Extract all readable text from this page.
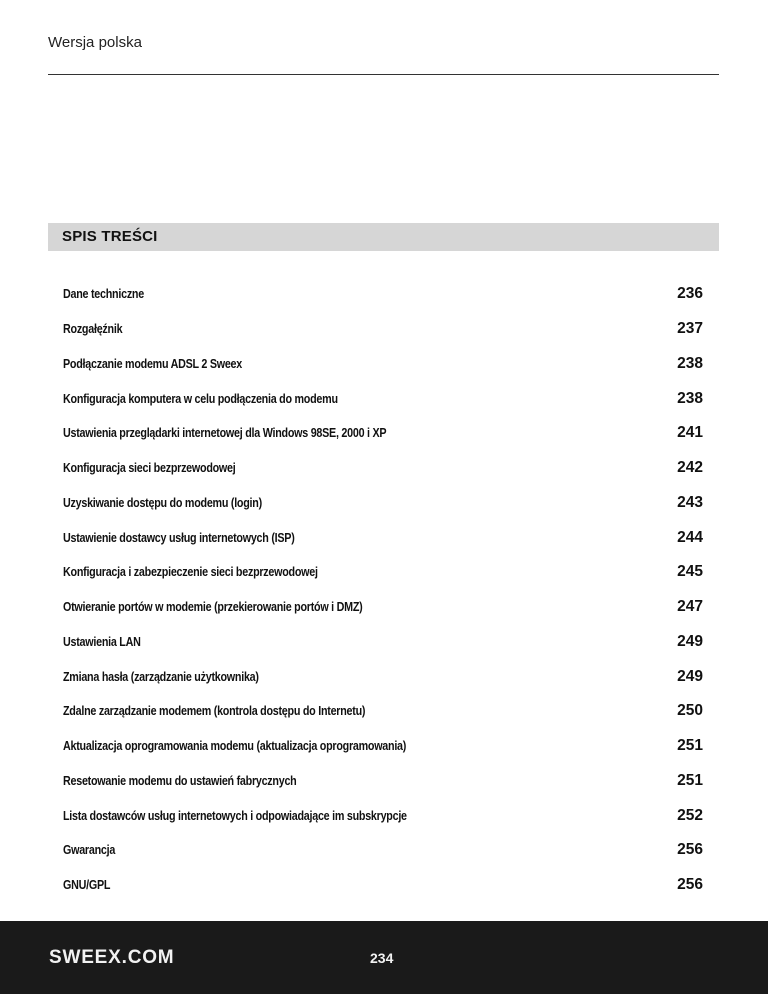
Wersja polska
SPIS TREŚCI
Dane techniczne	236
Rozgałęźnik	237
Podłączanie modemu ADSL 2 Sweex	238
Konfiguracja komputera w celu podłączenia do modemu	238
Ustawienia przeglądarki internetowej dla Windows 98SE, 2000 i XP	241
Konfiguracja sieci bezprzewodowej	242
Uzyskiwanie dostępu do modemu (login)	243
Ustawienie dostawcy usług internetowych (ISP)	244
Konfiguracja i zabezpieczenie sieci bezprzewodowej	245
Otwieranie portów w modemie (przekierowanie portów i DMZ)	247
Ustawienia LAN	249
Zmiana hasła (zarządzanie użytkownika)	249
Zdalne zarządzanie modemem (kontrola dostępu do Internetu)	250
Aktualizacja oprogramowania modemu (aktualizacja oprogramowania)	251
Resetowanie modemu do ustawień fabrycznych	251
Lista dostawców usług internetowych i odpowiadające im subskrypcje	252
Gwarancja	256
GNU/GPL	256
SWEEX.COM	234
